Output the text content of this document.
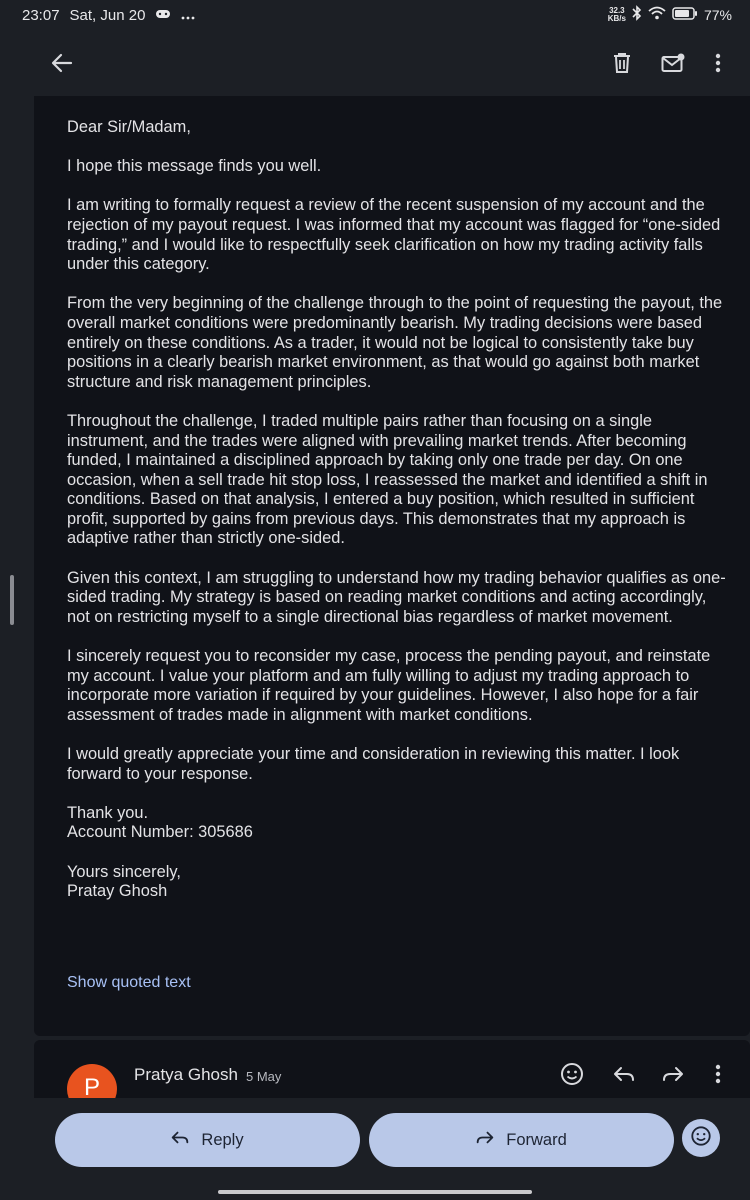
23:07 Sat, Jun 20	32.3
KB/s	77%

Dear Sir/Madam,

I hope this message finds you well.

I am writing to formally request a review of the recent suspension of my account and the rejection of my payout request. I was informed that my account was flagged for “one-sided trading,” and I would like to respectfully seek clarification on how my trading activity falls under this category.

From the very beginning of the challenge through to the point of requesting the payout, the overall market conditions were predominantly bearish. My trading decisions were based entirely on these conditions. As a trader, it would not be logical to consistently take buy positions in a clearly bearish market environment, as that would go against both market structure and risk management principles.

Throughout the challenge, I traded multiple pairs rather than focusing on a single instrument, and the trades were aligned with prevailing market trends. After becoming funded, I maintained a disciplined approach by taking only one trade per day. On one occasion, when a sell trade hit stop loss, I reassessed the market and identified a shift in conditions. Based on that analysis, I entered a buy position, which resulted in sufficient profit, supported by gains from previous days. This demonstrates that my approach is adaptive rather than strictly one-sided.

Given this context, I am struggling to understand how my trading behavior qualifies as one-sided trading. My strategy is based on reading market conditions and acting accordingly, not on restricting myself to a single directional bias regardless of market movement.

I sincerely request you to reconsider my case, process the pending payout, and reinstate my account. I value your platform and am fully willing to adjust my trading approach to incorporate more variation if required by your guidelines. However, I also hope for a fair assessment of trades made in alignment with market conditions.

I would greatly appreciate your time and consideration in reviewing this matter. I look forward to your response.

Thank you.
Account Number: 305686

Yours sincerely,
Pratay Ghosh

Show quoted text
P	Pratya Ghosh 5 May
Reply	Forward
